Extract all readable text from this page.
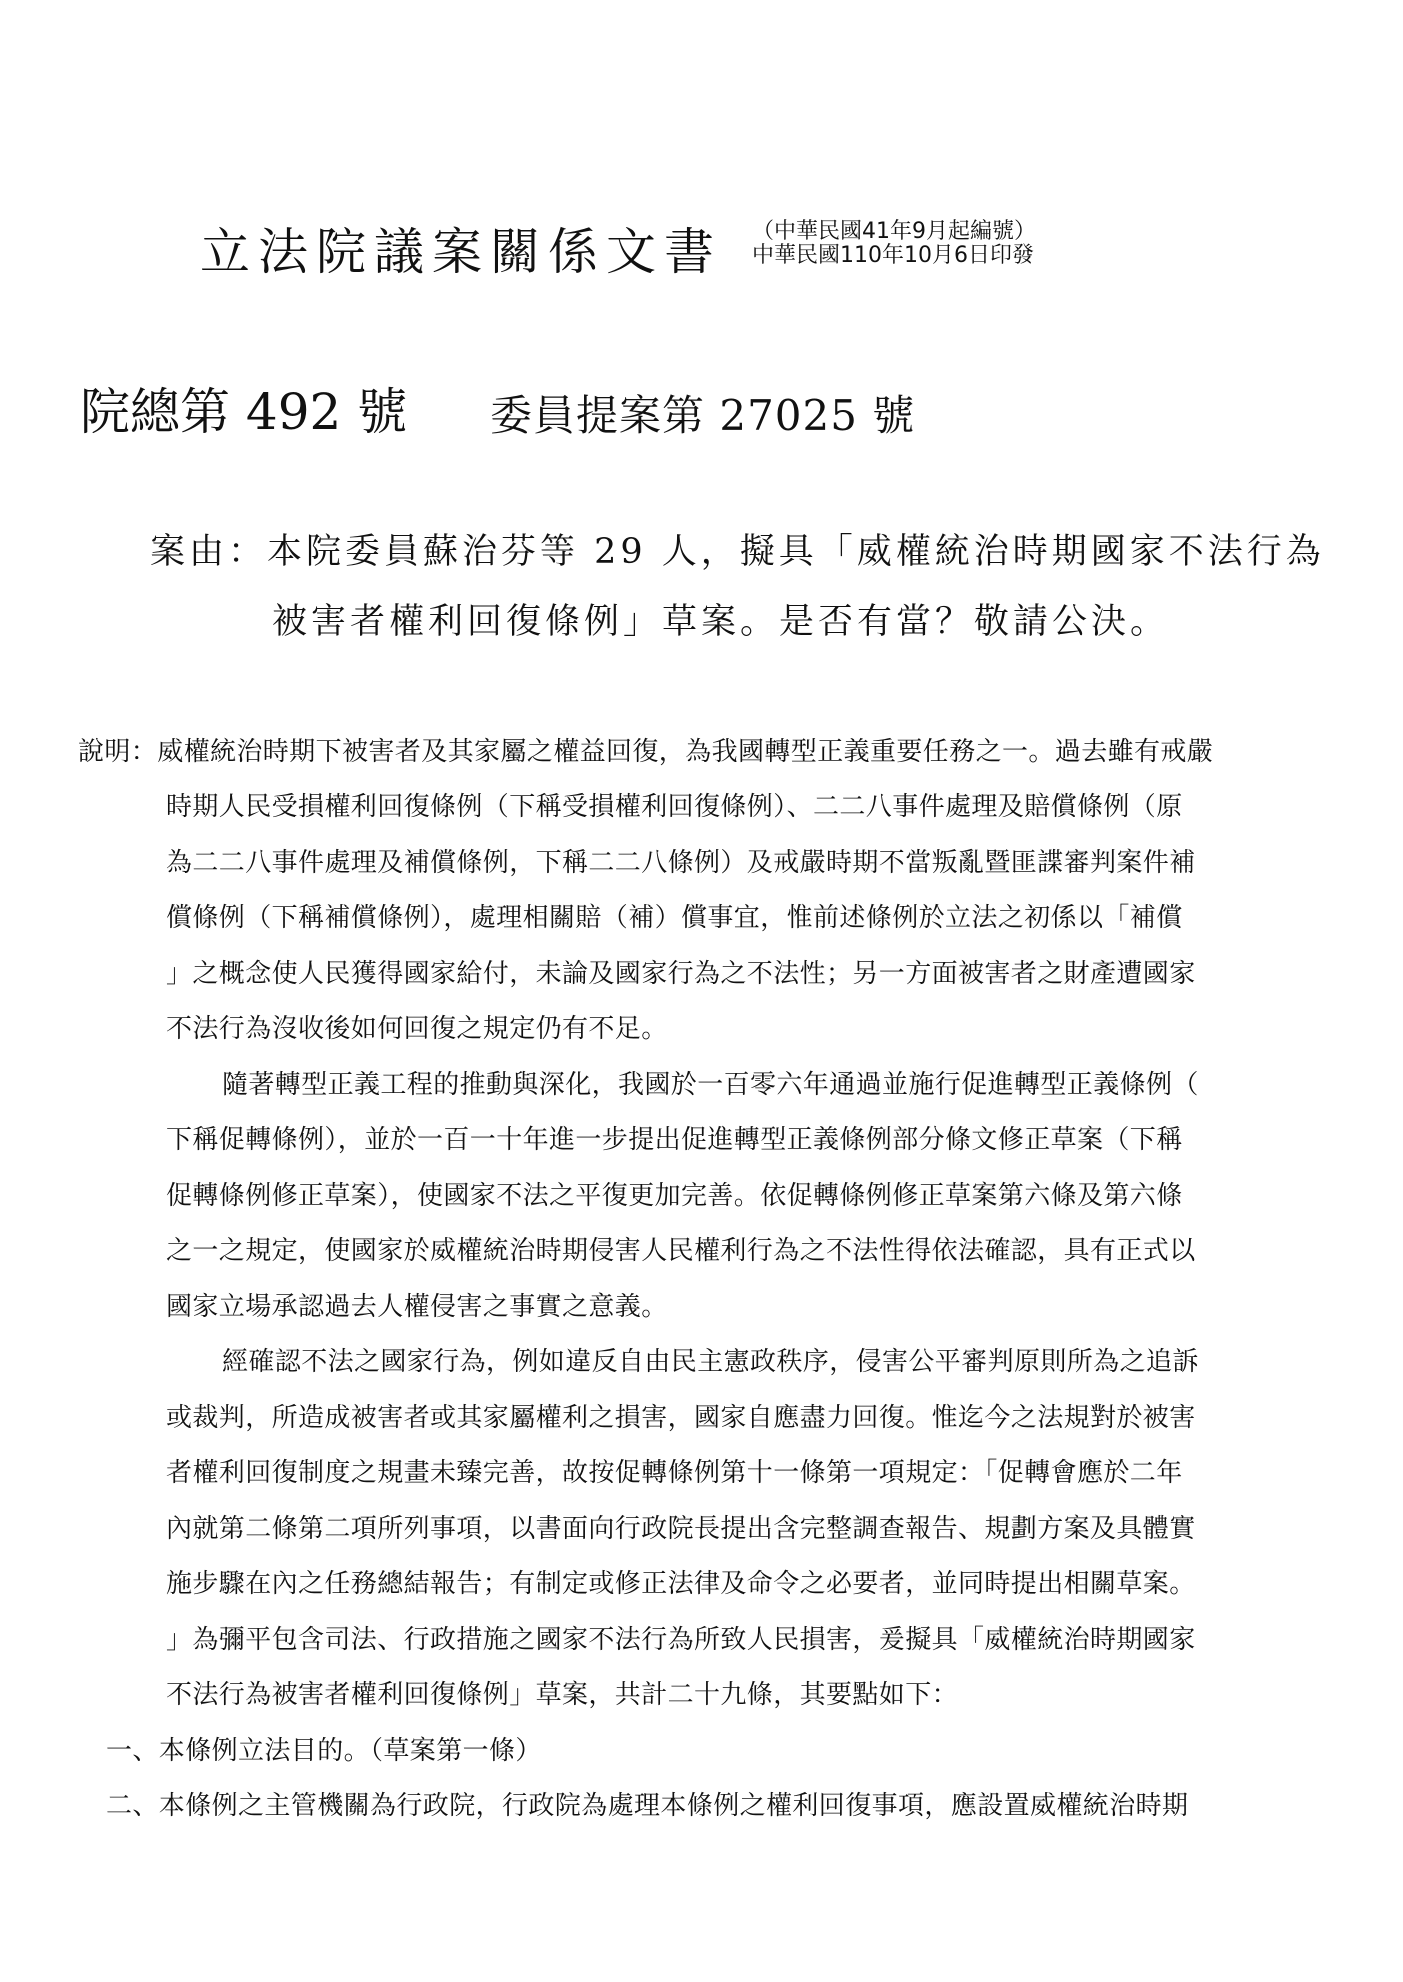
立法院議案關係文書 （中華民國41年9月起編號）
中華民國110年10月6日印發
院總第 492 號 委員提案第 27025 號
案由：本院委員蘇治芬等 29 人，擬具「威權統治時期國家不法行為
被害者權利回復條例」草案。是否有當？敬請公決。
說明：威權統治時期下被害者及其家屬之權益回復，為我國轉型正義重要任務之一。過去雖有戒嚴
時期人民受損權利回復條例（下稱受損權利回復條例）、二二八事件處理及賠償條例（原
為二二八事件處理及補償條例，下稱二二八條例）及戒嚴時期不當叛亂暨匪諜審判案件補
償條例（下稱補償條例），處理相關賠（補）償事宜，惟前述條例於立法之初係以「補償
」之概念使人民獲得國家給付，未論及國家行為之不法性；另一方面被害者之財產遭國家
不法行為沒收後如何回復之規定仍有不足。
隨著轉型正義工程的推動與深化，我國於一百零六年通過並施行促進轉型正義條例（
下稱促轉條例），並於一百一十年進一步提出促進轉型正義條例部分條文修正草案（下稱
促轉條例修正草案），使國家不法之平復更加完善。依促轉條例修正草案第六條及第六條
之一之規定，使國家於威權統治時期侵害人民權利行為之不法性得依法確認，具有正式以
國家立場承認過去人權侵害之事實之意義。
經確認不法之國家行為，例如違反自由民主憲政秩序，侵害公平審判原則所為之追訴
或裁判，所造成被害者或其家屬權利之損害，國家自應盡力回復。惟迄今之法規對於被害
者權利回復制度之規畫未臻完善，故按促轉條例第十一條第一項規定：「促轉會應於二年
內就第二條第二項所列事項，以書面向行政院長提出含完整調查報告、規劃方案及具體實
施步驟在內之任務總結報告；有制定或修正法律及命令之必要者，並同時提出相關草案。
」為彌平包含司法、行政措施之國家不法行為所致人民損害，爰擬具「威權統治時期國家
不法行為被害者權利回復條例」草案，共計二十九條，其要點如下：
一、本條例立法目的。（草案第一條）
二、本條例之主管機關為行政院，行政院為處理本條例之權利回復事項，應設置威權統治時期
